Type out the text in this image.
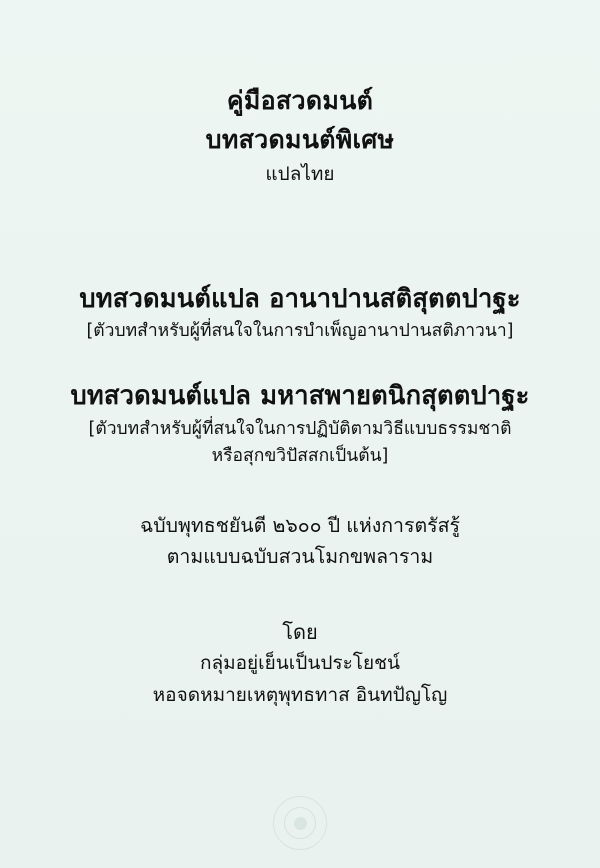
คู่มือสวดมนต์
บทสวดมนต์พิเศษ
แปลไทย
บทสวดมนต์แปล อานาปานสติสุตตปาฐะ
[ตัวบทสำหรับผู้ที่สนใจในการบำเพ็ญอานาปานสติภาวนา]
บทสวดมนต์แปล มหาสพายตนิกสุตตปาฐะ
[ตัวบทสำหรับผู้ที่สนใจในการปฏิบัติตามวิธีแบบธรรมชาติ
หรือสุกขวิปัสสกเป็นต้น]
ฉบับพุทธชยันตี ๒๖๐๐ ปี แห่งการตรัสรู้
ตามแบบฉบับสวนโมกขพลาราม
โดย
กลุ่มอยู่เย็นเป็นประโยชน์
หอจดหมายเหตุพุทธทาส อินทปัญโญ
